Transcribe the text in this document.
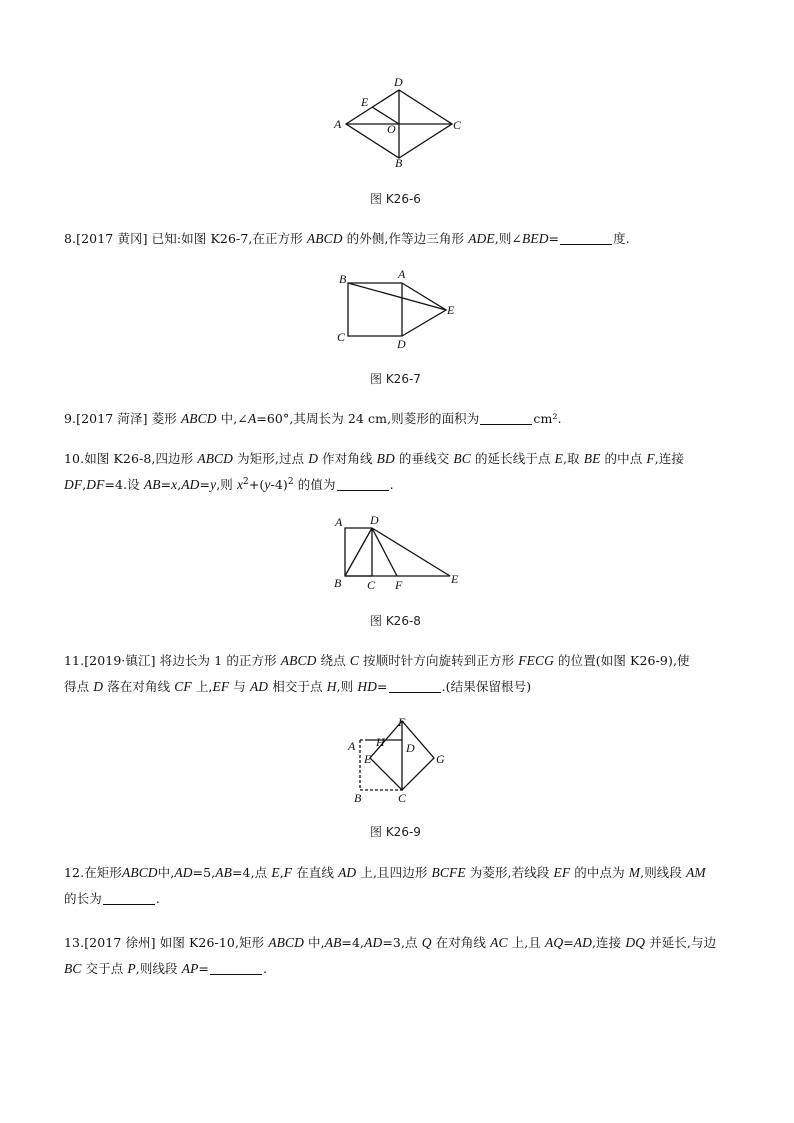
A
D
C
B
E
O
图 K26-6
8.[2017 黄冈] 已知:如图 K26-7,在正方形 ABCD 的外侧,作等边三角形 ADE,则∠BED=	度.
B	A
E
C	D
图 K26-7
9.[2017 菏泽] 菱形 ABCD 中,∠A=60°,其周长为 24 cm,则菱形的面积为	cm².
10.如图 K26-8,四边形 ABCD 为矩形,过点 D 作对角线 BD 的垂线交 BC 的延长线于点 E,取 BE 的中点 F,连接
DF,DF=4.设 AB=x,AD=y,则 $x^2+(y-4)^2$ 的值为	.
A D
B C F	E
图 K26-8
11.[2019·镇江] 将边长为 1 的正方形 ABCD 绕点 C 按顺时针方向旋转到正方形 FECG 的位置(如图 K26-9),使
得点 D 落在对角线 CF 上,EF 与 AD 相交于点 H,则 HD=	.(结果保留根号)
A H D
F
E	G
B	C
图 K26-9
12.在矩形ABCD中,AD=5,AB=4,点 E,F 在直线 AD 上,且四边形 BCFE 为菱形,若线段 EF 的中点为 M,则线段 AM
的长为	.
13.[2017 徐州] 如图 K26-10,矩形 ABCD 中,AB=4,AD=3,点 Q 在对角线 AC 上,且 AQ=AD,连接 DQ 并延长,与边
BC 交于点 P,则线段 AP=	.
